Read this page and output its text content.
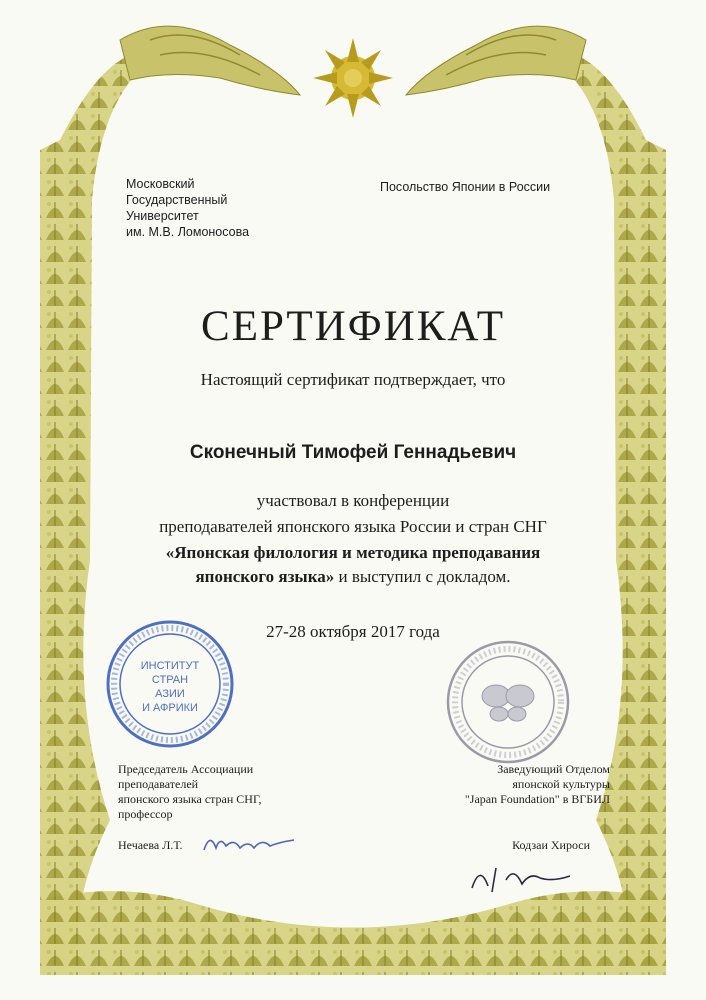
Московский
Государственный
Университет
им. М.В. Ломоносова
Посольство Японии в России
СЕРТИФИКАТ
Настоящий сертификат подтверждает, что
Сконечный Тимофей Геннадьевич
участвовал в конференции
преподавателей японского языка России и стран СНГ
«Японская филология и методика преподавания
японского языка» и выступил с докладом.
27-28 октября 2017 года
ИНСТИТУТ
СТРАН
АЗИИ
И АФРИКИ
Председатель Ассоциации
преподавателей
японского языка стран СНГ,
профессор
Заведующий Отделом
японской культуры
"Japan Foundation" в ВГБИЛ
Нечаева Л.Т.	Кодзаи Хироси
